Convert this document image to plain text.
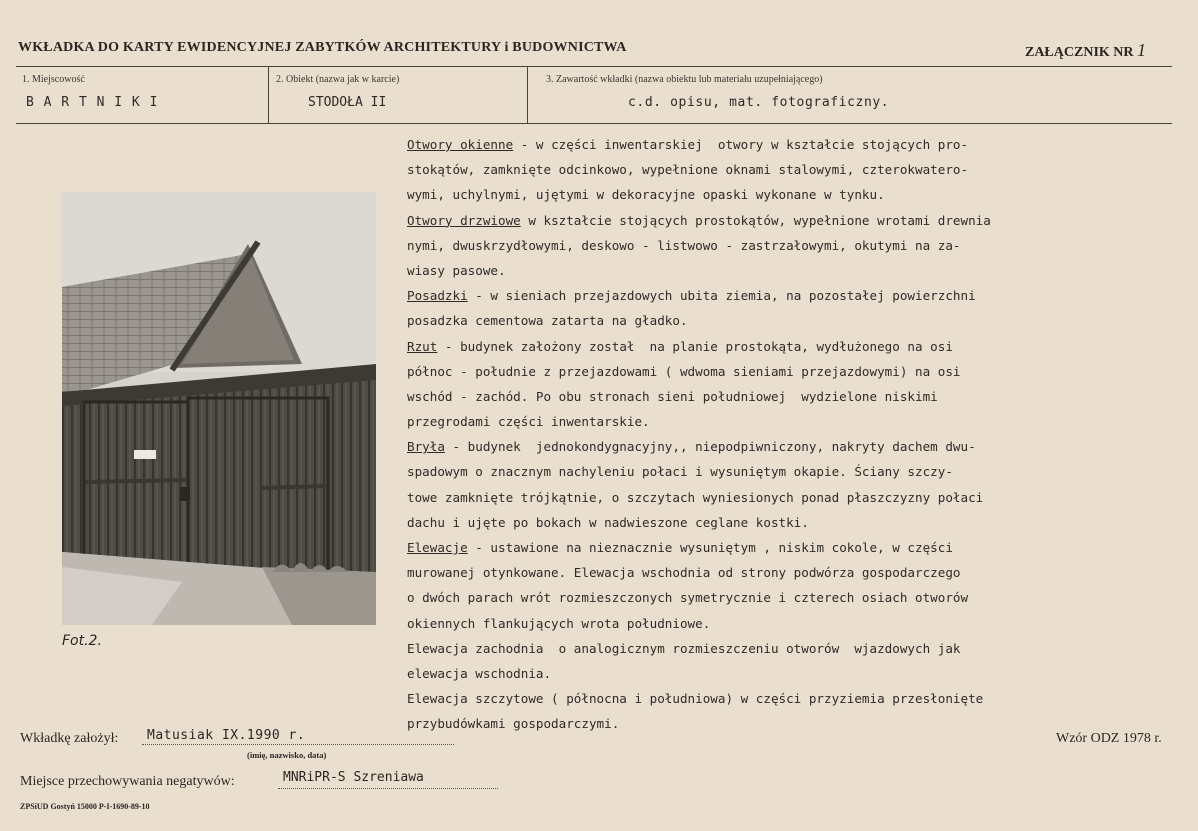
WKŁADKA DO KARTY EWIDENCYJNEJ ZABYTKÓW ARCHITEKTURY i BUDOWNICTWA	ZAŁĄCZNIK NR 1
1. Miejscowość
B A R T N I K I
2. Obiekt (nazwa jak w karcie)
STODOŁA II
3. Zawartość wkładki (nazwa obiektu lub materiału uzupełniającego)
c.d. opisu, mat. fotograficzny.
Fot.2.
Otwory okienne - w części inwentarskiej  otwory w kształcie stojących pro-
stokątów, zamknięte odcinkowo, wypełnione oknami stalowymi, czterokwatero-
wymi, uchylnymi, ujętymi w dekoracyjne opaski wykonane w tynku.
Otwory drzwiowe w kształcie stojących prostokątów, wypełnione wrotami drewnia
nymi, dwuskrzydłowymi, deskowo - listwowo - zastrzałowymi, okutymi na za-
wiasy pasowe.
Posadzki - w sieniach przejazdowych ubita ziemia, na pozostałej powierzchni
posadzka cementowa zatarta na gładko.
Rzut - budynek założony został  na planie prostokąta, wydłużonego na osi
północ - południe z przejazdowami ( wdwoma sieniami przejazdowymi) na osi
wschód - zachód. Po obu stronach sieni południowej  wydzielone niskimi
przegrodami części inwentarskie.
Bryła - budynek  jednokondygnacyjny,, niepodpiwniczony, nakryty dachem dwu-
spadowym o znacznym nachyleniu połaci i wysuniętym okapie. Ściany szczy-
towe zamknięte trójkątnie, o szczytach wyniesionych ponad płaszczyzny połaci
dachu i ujęte po bokach w nadwieszone ceglane kostki.
Elewacje - ustawione na nieznacznie wysuniętym , niskim cokole, w części
murowanej otynkowane. Elewacja wschodnia od strony podwórza gospodarczego
o dwóch parach wrót rozmieszczonych symetrycznie i czterech osiach otworów
okiennych flankujących wrota południowe.
Elewacja zachodnia  o analogicznym rozmieszczeniu otworów  wjazdowych jak
elewacja wschodnia.
Elewacja szczytowe ( północna i południowa) w części przyziemia przesłonięte
przybudówkami gospodarczymi.
Wkładkę założył: Matusiak IX.1990 r.
(imię, nazwisko, data)
Wzór ODZ 1978 r.
Miejsce przechowywania negatywów:	MNRiPR-S Szreniawa
ZPSiUD Gostyń 15000 P-I-1690-89-10
